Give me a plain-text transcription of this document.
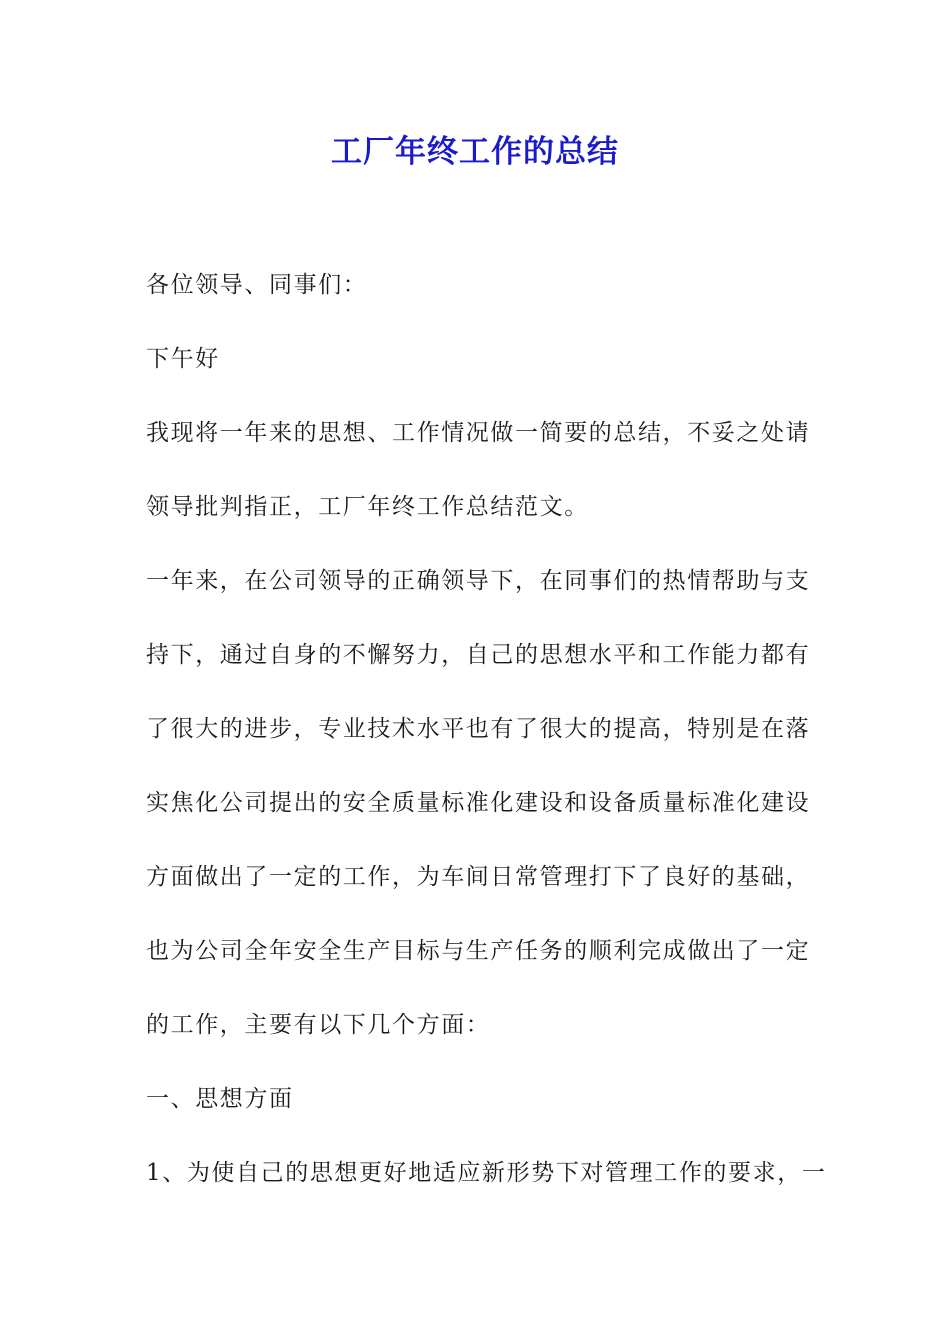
工厂年终工作的总结
各位领导、同事们：
下午好
我现将一年来的思想、工作情况做一简要的总结，不妥之处请
领导批判指正，工厂年终工作总结范文。
一年来，在公司领导的正确领导下，在同事们的热情帮助与支
持下，通过自身的不懈努力，自己的思想水平和工作能力都有
了很大的进步，专业技术水平也有了很大的提高，特别是在落
实焦化公司提出的安全质量标准化建设和设备质量标准化建设
方面做出了一定的工作，为车间日常管理打下了良好的基础，
也为公司全年安全生产目标与生产任务的顺利完成做出了一定
的工作，主要有以下几个方面：
一、思想方面
1、为使自己的思想更好地适应新形势下对管理工作的要求，一
